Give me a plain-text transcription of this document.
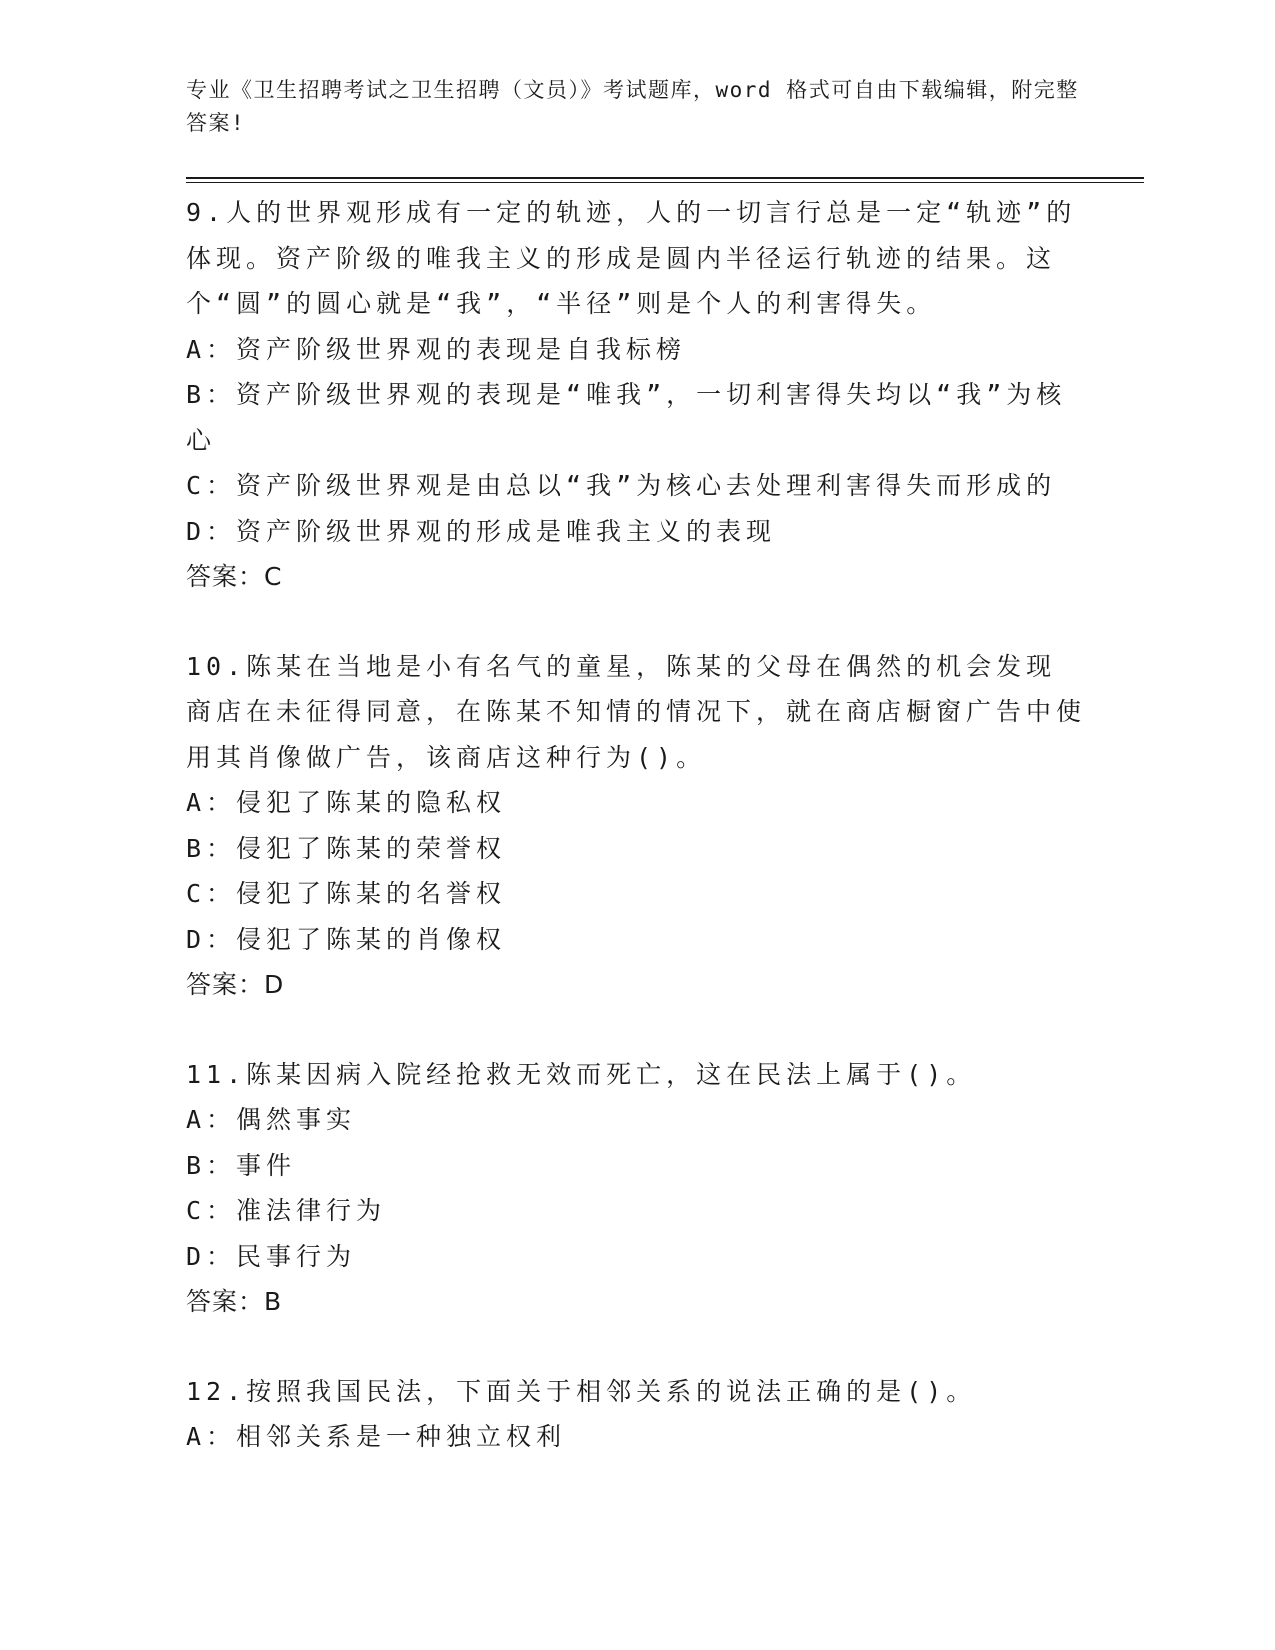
专业《卫生招聘考试之卫生招聘（文员）》考试题库，word 格式可自由下载编辑，附完整答案!
9.人的世界观形成有一定的轨迹，人的一切言行总是一定“轨迹”的体现。资产阶级的唯我主义的形成是圆内半径运行轨迹的结果。这个“圆”的圆心就是“我”，“半径”则是个人的利害得失。
A：资产阶级世界观的表现是自我标榜
B：资产阶级世界观的表现是“唯我”，一切利害得失均以“我”为核心
C：资产阶级世界观是由总以“我”为核心去处理利害得失而形成的
D：资产阶级世界观的形成是唯我主义的表现
答案：C
10.陈某在当地是小有名气的童星，陈某的父母在偶然的机会发现商店在未征得同意，在陈某不知情的情况下，就在商店橱窗广告中使用其肖像做广告，该商店这种行为()。
A：侵犯了陈某的隐私权
B：侵犯了陈某的荣誉权
C：侵犯了陈某的名誉权
D：侵犯了陈某的肖像权
答案：D
11.陈某因病入院经抢救无效而死亡，这在民法上属于()。
A：偶然事实
B：事件
C：准法律行为
D：民事行为
答案：B
12.按照我国民法，下面关于相邻关系的说法正确的是()。
A：相邻关系是一种独立权利
